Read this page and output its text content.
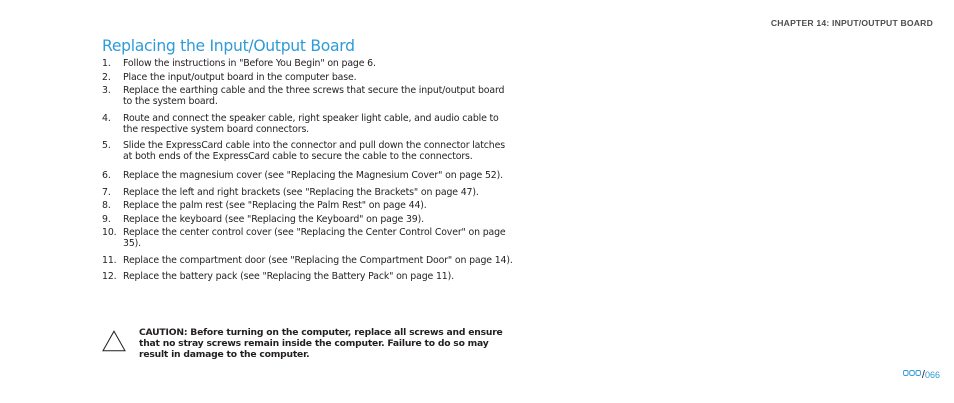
CHAPTER 14: INPUT/OUTPUT BOARD
Replacing the Input/Output Board
1. Follow the instructions in "Before You Begin" on page 6.
2. Place the input/output board in the computer base.
3. Replace the earthing cable and the three screws that secure the input/output board to the system board.
4. Route and connect the speaker cable, right speaker light cable, and audio cable to the respective system board connectors.
5. Slide the ExpressCard cable into the connector and pull down the connector latches at both ends of the ExpressCard cable to secure the cable to the connectors.
6. Replace the magnesium cover (see "Replacing the Magnesium Cover" on page 52).
7. Replace the left and right brackets (see "Replacing the Brackets" on page 47).
8. Replace the palm rest (see "Replacing the Palm Rest" on page 44).
9. Replace the keyboard (see "Replacing the Keyboard" on page 39).
10. Replace the center control cover (see "Replacing the Center Control Cover" on page 35).
11. Replace the compartment door (see "Replacing the Compartment Door" on page 14).
12. Replace the battery pack (see "Replacing the Battery Pack" on page 11).
CAUTION: Before turning on the computer, replace all screws and ensure that no stray screws remain inside the computer. Failure to do so may result in damage to the computer.
/066
